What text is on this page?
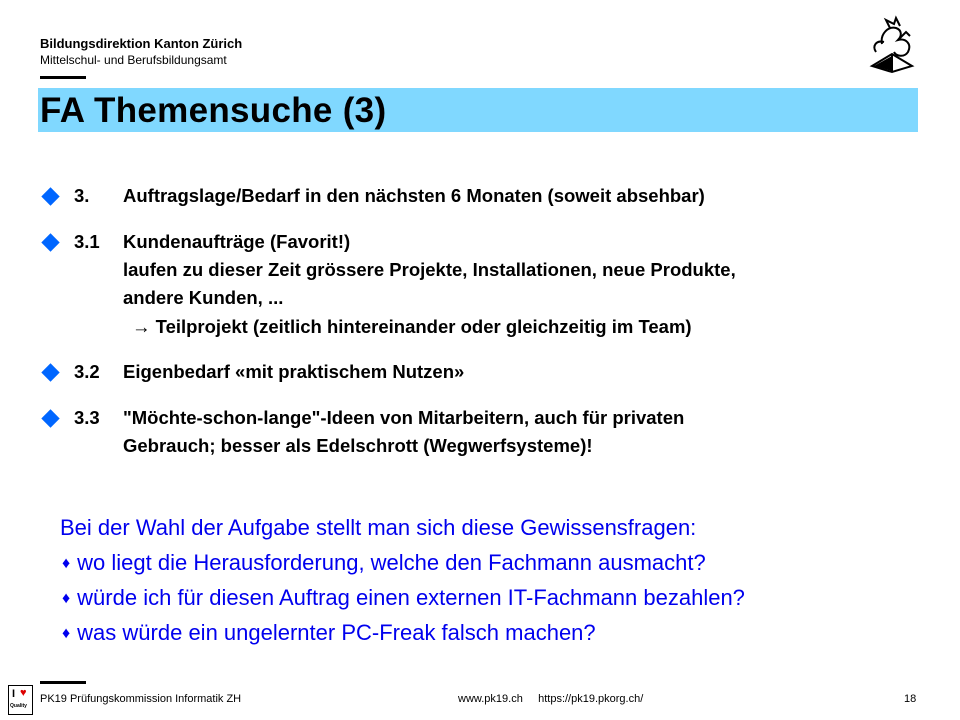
Bildungsdirektion Kanton Zürich
Mittelschul- und Berufsbildungsamt
FA Themensuche (3)
3. Auftragslage/Bedarf in den nächsten 6 Monaten (soweit absehbar)
3.1 Kundenaufträge (Favorit!)
laufen zu dieser Zeit grössere Projekte, Installationen, neue Produkte,
andere Kunden, ...
→ Teilprojekt (zeitlich hintereinander oder gleichzeitig im Team)
3.2 Eigenbedarf «mit praktischem Nutzen»
3.3 "Möchte-schon-lange"-Ideen von Mitarbeitern, auch für privaten
Gebrauch; besser als Edelschrott (Wegwerfsysteme)!
Bei der Wahl der Aufgabe stellt man sich diese Gewissensfragen:
♦ wo liegt die Herausforderung, welche den Fachmann ausmacht?
♦ würde ich für diesen Auftrag einen externen IT-Fachmann bezahlen?
♦ was würde ein ungelernter PC-Freak falsch machen?
I ♥
Quality
PK19 Prüfungskommission Informatik ZH	www.pk19.ch https://pk19.pkorg.ch/	18
